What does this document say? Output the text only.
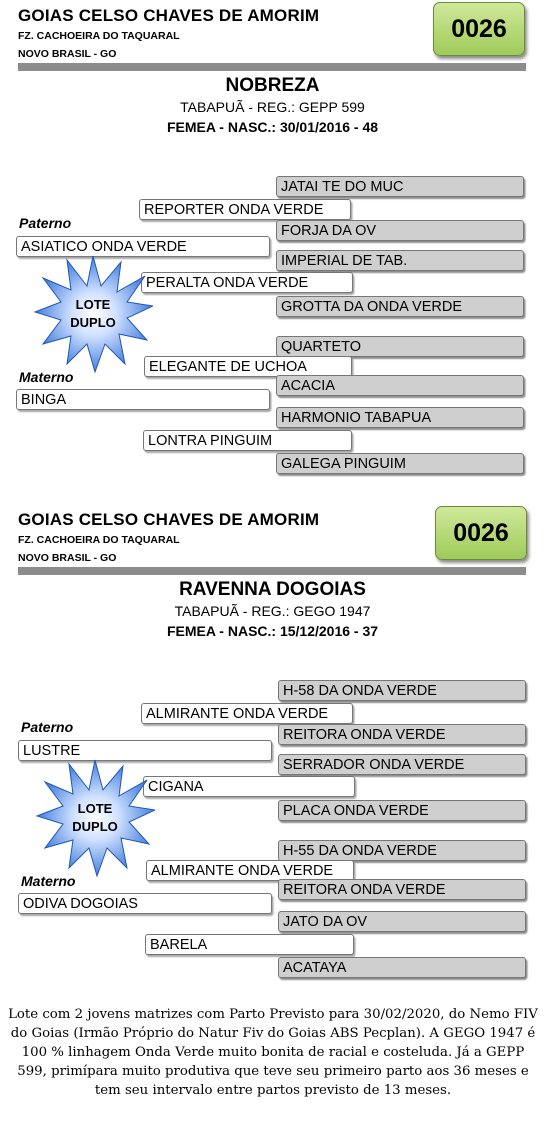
GOIAS CELSO CHAVES DE AMORIM
FZ. CACHOEIRA DO TAQUARAL
NOVO BRASIL - GO
0026
NOBREZA
TABAPUÃ - REG.: GEPP 599
FEMEA - NASC.: 30/01/2016 - 48
JATAI TE DO MUC
REPORTER ONDA VERDE
Paterno	FORJA DA OV
ASIATICO ONDA VERDE
IMPERIAL DE TAB.
PERALTA ONDA VERDE
GROTTA DA ONDA VERDE
LOTE
DUPLO
QUARTETO
ELEGANTE DE UCHOA
Materno
ACACIA
BINGA
HARMONIO TABAPUA
LONTRA PINGUIM
GALEGA PINGUIM
GOIAS CELSO CHAVES DE AMORIM
FZ. CACHOEIRA DO TAQUARAL
NOVO BRASIL - GO
0026
RAVENNA DOGOIAS
TABAPUÃ - REG.: GEGO 1947
FEMEA - NASC.: 15/12/2016 - 37
H-58 DA ONDA VERDE
ALMIRANTE ONDA VERDE
Paterno	REITORA ONDA VERDE
LUSTRE
SERRADOR ONDA VERDE
CIGANA
PLACA ONDA VERDE
LOTE
DUPLO
H-55 DA ONDA VERDE
ALMIRANTE ONDA VERDE
Materno
REITORA ONDA VERDE
ODIVA DOGOIAS
JATO DA OV
BARELA
ACATAYA
Lote com 2 jovens matrizes com Parto Previsto para 30/02/2020, do Nemo FIV do Goias (Irmão Próprio do Natur Fiv do Goias ABS Pecplan). A GEGO 1947 é 100 % linhagem Onda Verde muito bonita de racial e costeluda. Já a GEPP 599, primípara muito produtiva que teve seu primeiro parto aos 36 meses e tem seu intervalo entre partos previsto de 13 meses.
